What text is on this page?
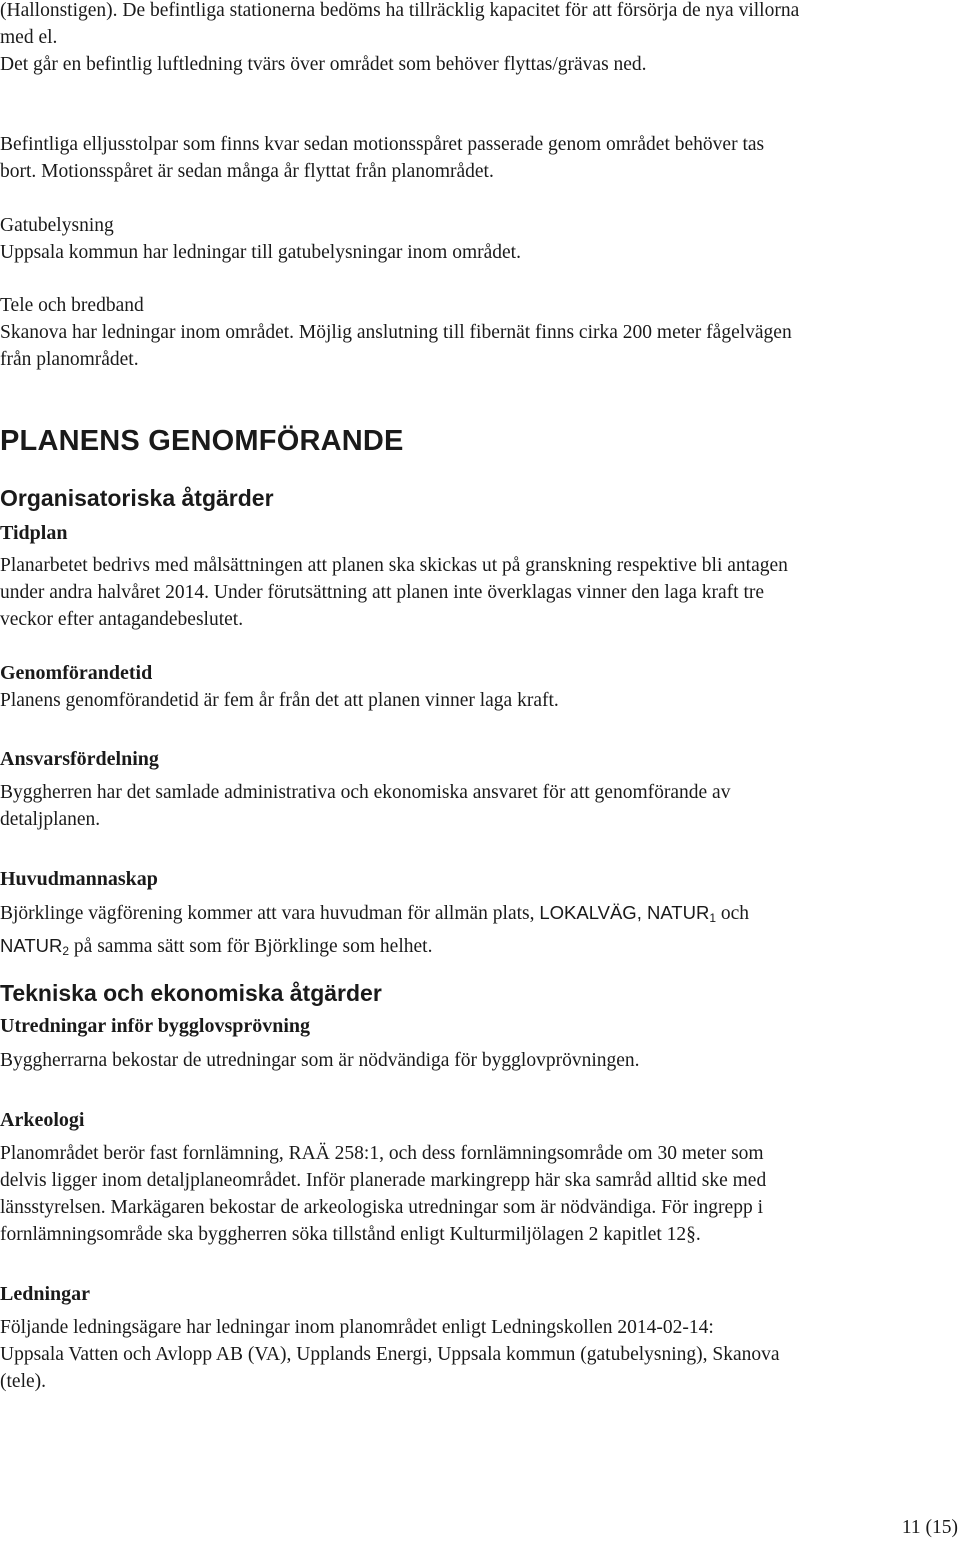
(Hallonstigen). De befintliga stationerna bedöms ha tillräcklig kapacitet för att försörja de nya villorna
med el.

Det går en befintlig luftledning tvärs över området som behöver flyttas/grävas ned.

Befintliga elljusstolpar som finns kvar sedan motionsspåret passerade genom området behöver tas
bort. Motionsspåret är sedan många år flyttat från planområdet.

Gatubelysning
Uppsala kommun har ledningar till gatubelysningar inom området.

Tele och bredband
Skanova har ledningar inom området. Möjlig anslutning till fibernät finns cirka 200 meter fågelvägen
från planområdet.

PLANENS GENOMFÖRANDE
Organisatoriska åtgärder
Tidplan

Planarbetet bedrivs med målsättningen att planen ska skickas ut på granskning respektive bli antagen
under andra halvåret 2014. Under förutsättning att planen inte överklagas vinner den laga kraft tre
veckor efter antagandebeslutet.

Genomförandetid

Planens genomförandetid är fem år från det att planen vinner laga kraft.

Ansvarsfördelning

Byggherren har det samlade administrativa och ekonomiska ansvaret för att genomförande av
detaljplanen.

Huvudmannaskap

Björklinge vägförening kommer att vara huvudman för allmän plats, LOKALVÄG, $NATUR_1$ och
$NATUR_2$ på samma sätt som för Björklinge som helhet.

Tekniska och ekonomiska åtgärder
Utredningar inför bygglovsprövning

Byggherrarna bekostar de utredningar som är nödvändiga för bygglovprövningen.

Arkeologi

Planområdet berör fast fornlämning, RAÄ 258:1, och dess fornlämningsområde om 30 meter som
delvis ligger inom detaljplaneområdet. Inför planerade markingrepp här ska samråd alltid ske med
länsstyrelsen. Markägaren bekostar de arkeologiska utredningar som är nödvändiga. För ingrepp i
fornlämningsområde ska byggherren söka tillstånd enligt Kulturmiljölagen 2 kapitlet 12§.

Ledningar

Följande ledningsägare har ledningar inom planområdet enligt Ledningskollen 2014-02-14:
Uppsala Vatten och Avlopp AB (VA), Upplands Energi, Uppsala kommun (gatubelysning), Skanova
(tele).

11 (15)
